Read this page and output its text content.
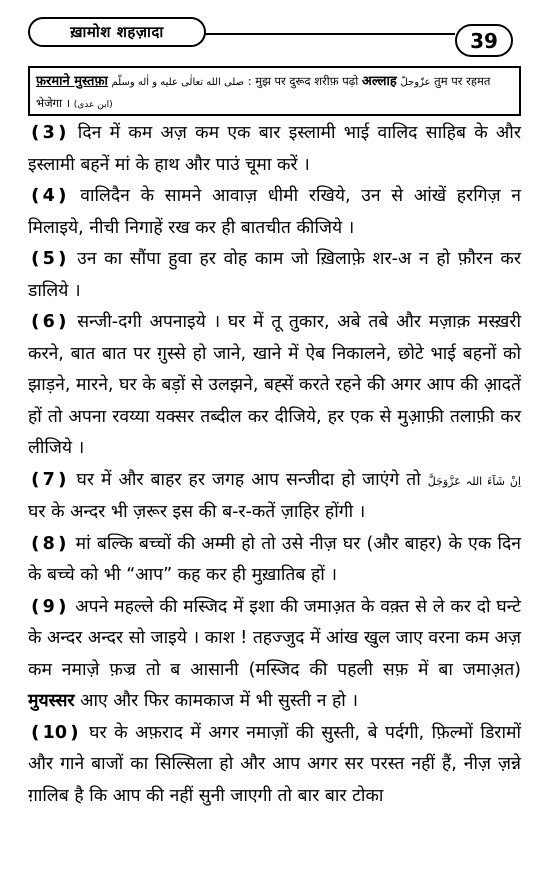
ख़ामोश शहज़ादा	39
फ़रमाने मुस्तफ़ा صلى الله تعالٰى عليه و اٰله وسلّم : मुझ पर दुरूद शरीफ़ पढ़ो अल्लाह عزّوجلّ तुम पर रहमत भेजेगा । (ابن عدی)

❪3❫ दिन में कम अज़ कम एक बार इस्लामी भाई वालिद साहिब के और इस्लामी बहनें मां के हाथ और पाउं चूमा करें ।

❪4❫ वालिदैन के सामने आवाज़ धीमी रखिये, उन से आंखें हरगिज़ न मिलाइये, नीची निगाहें रख कर ही बातचीत कीजिये ।

❪5❫ उन का सौंपा हुवा हर वोह काम जो ख़िलाफ़े शर-अ न हो फ़ौरन कर डालिये ।

❪6❫ सन्जी-दगी अपनाइये । घर में तू तुकार, अबे तबे और मज़ाक़ मस्ख़री करने, बात बात पर ग़ुस्से हो जाने, खाने में ऐब निकालने, छोटे भाई बहनों को झाड़ने, मारने, घर के बड़ों से उलझने, बह्सें करते रहने की अगर आप की आ़दतें हों तो अपना रवय्या यक्सर तब्दील कर दीजिये, हर एक से मुआ़फ़ी तलाफ़ी कर लीजिये ।

❪7❫ घर में और बाहर हर जगह आप सन्जीदा हो जाएंगे तो اِنْ شَآءَ اللہ عَزَّوَجَلَّ घर के अन्दर भी ज़रूर इस की ब-र-कतें ज़ाहिर होंगी ।

❪8❫ मां बल्कि बच्चों की अम्मी हो तो उसे नीज़ घर (और बाहर) के एक दिन के बच्चे को भी “आप” कह कर ही मुख़ातिब हों ।

❪9❫ अपने महल्ले की मस्जिद में इशा की जमाअ़त के वक़्त से ले कर दो घन्टे के अन्दर अन्दर सो जाइये । काश ! तहज्जुद में आंख खुल जाए वरना कम अज़ कम नमाज़े फ़ज्र तो ब आसानी (मस्जिद की पहली सफ़ में बा जमाअ़त) मुयस्सर आए और फिर कामकाज में भी सुस्ती न हो ।

❪10❫ घर के अफ़राद में अगर नमाज़ों की सुस्ती, बे पर्दगी, फ़िल्मों डिरामों और गाने बाजों का सिल्सिला हो और आप अगर सर परस्त नहीं हैं, नीज़ ज़न्ने ग़ालिब है कि आप की नहीं सुनी जाएगी तो बार बार टोका
